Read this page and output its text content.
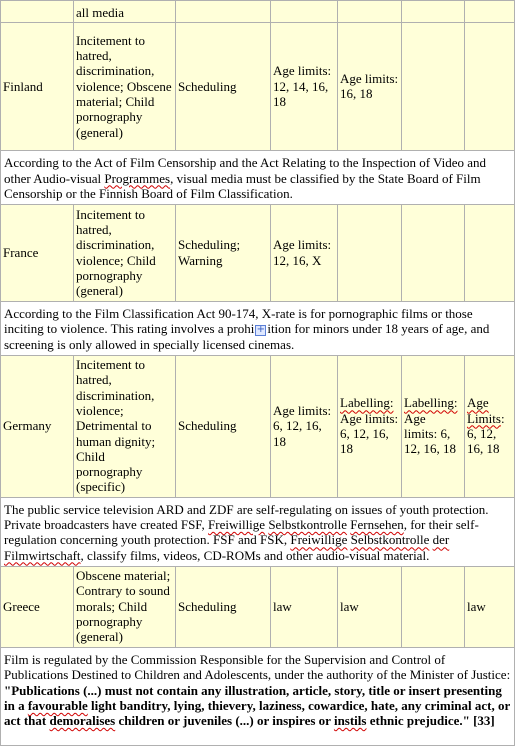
	all media					
Finland	Incitement to hatred, discrimination, violence; Obscene material; Child pornography (general)	Scheduling	Age limits: 12, 14, 16, 18	Age limits: 16, 18		
According to the Act of Film Censorship and the Act Relating to the Inspection of Video and other Audio-visual Programmes, visual media must be classified by the State Board of Film Censorship or the Finnish Board of Film Classification.						
France	Incitement to hatred, discrimination, violence; Child pornography (general)	Scheduling; Warning	Age limits: 12, 16, X			
According to the Film Classification Act 90-174, X-rate is for pornographic films or those inciting to violence. This rating involves a prohi + ition for minors under 18 years of age, and screening is only allowed in specially licensed cinemas.
Germany	Incitement to hatred, discrimination, violence; Detrimental to human dignity; Child pornography (specific)	Scheduling	Age limits: 6, 12, 16, 18	Labelling: Age limits: 6, 12, 16, 18	Labelling: Age limits: 6, 12, 16, 18	Age Limits: 6, 12, 16, 18
The public service television ARD and ZDF are self-regulating on issues of youth protection. Private broadcasters have created FSF, Freiwillige Selbstkontrolle Fernsehen, for their self-regulation concerning youth protection. FSF and FSK, Freiwillige Selbstkontrolle der Filmwirtschaft, classify films, videos, CD-ROMs and other audio-visual material.						
Greece	Obscene material; Contrary to sound morals; Child pornography (general)	Scheduling	law	law		law
Film is regulated by the Commission Responsible for the Supervision and Control of Publications Destined to Children and Adolescents, under the authority of the Minister of Justice: "Publications (...) must not contain any illustration, article, story, title or insert presenting in a favourable light banditry, lying, thievery, laziness, cowardice, hate, any criminal act, or act that demoralises children or juveniles (...) or inspires or instils ethnic prejudice." [33]						
